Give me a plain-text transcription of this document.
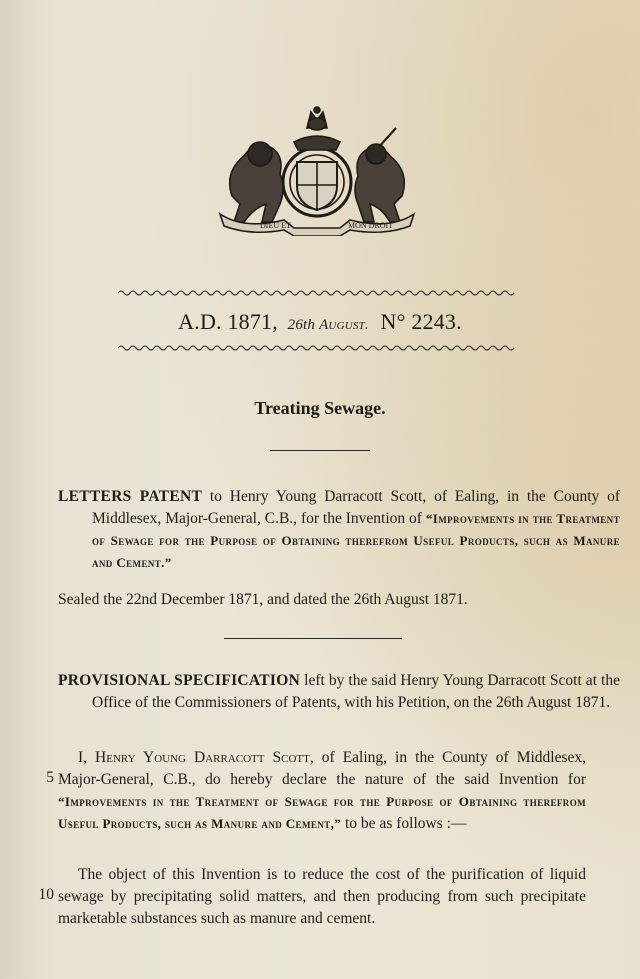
DIEU ET	MON DROIT
A.D. 1871, 26th August. N° 2243.
Treating Sewage.
LETTERS PATENT to Henry Young Darracott Scott, of Ealing, in the County of Middlesex, Major-General, C.B., for the Invention of “Improvements in the Treatment of Sewage for the Purpose of Obtaining therefrom Useful Products, such as Manure and Cement.”
Sealed the 22nd December 1871, and dated the 26th August 1871.
PROVISIONAL SPECIFICATION left by the said Henry Young Darracott Scott at the Office of the Commissioners of Patents, with his Petition, on the 26th August 1871.
I, Henry Young Darracott Scott, of Ealing, in the County of Middlesex, Major-General, C.B., do hereby declare the nature of the said Invention for “Improvements in the Treatment of Sewage for the Purpose of Obtaining therefrom Useful Products, such as Manure and Cement,” to be as follows :—
5
The object of this Invention is to reduce the cost of the purification of liquid sewage by precipitating solid matters, and then producing from such precipitate marketable substances such as manure and cement.
10
